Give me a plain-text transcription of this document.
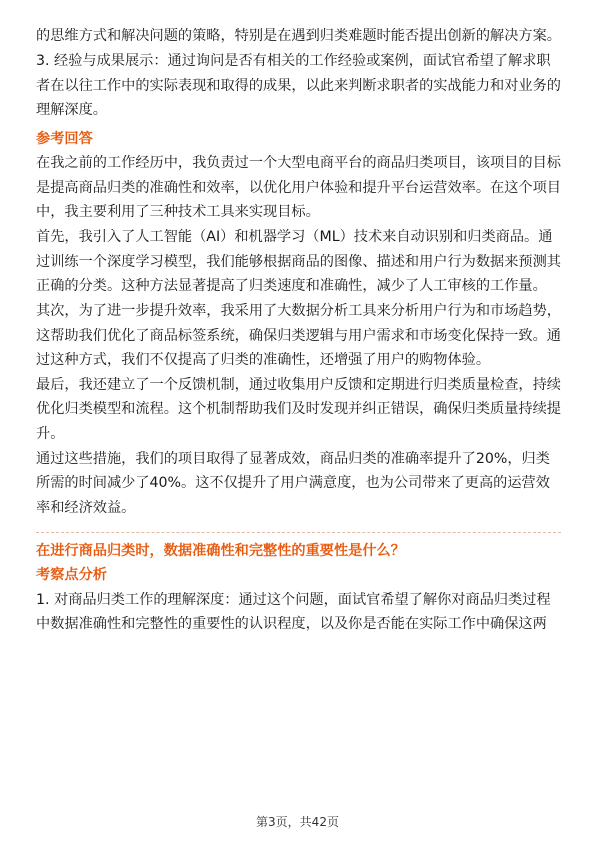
的思维方式和解决问题的策略，特别是在遇到归类难题时能否提出创新的解决方案。

3. 经验与成果展示：通过询问是否有相关的工作经验或案例，面试官希望了解求职者在以往工作中的实际表现和取得的成果，以此来判断求职者的实战能力和对业务的理解深度。

参考回答

在我之前的工作经历中，我负责过一个大型电商平台的商品归类项目，该项目的目标是提高商品归类的准确性和效率，以优化用户体验和提升平台运营效率。在这个项目中，我主要利用了三种技术工具来实现目标。

首先，我引入了人工智能（AI）和机器学习（ML）技术来自动识别和归类商品。通过训练一个深度学习模型，我们能够根据商品的图像、描述和用户行为数据来预测其正确的分类。这种方法显著提高了归类速度和准确性，减少了人工审核的工作量。

其次，为了进一步提升效率，我采用了大数据分析工具来分析用户行为和市场趋势，这帮助我们优化了商品标签系统，确保归类逻辑与用户需求和市场变化保持一致。通过这种方式，我们不仅提高了归类的准确性，还增强了用户的购物体验。

最后，我还建立了一个反馈机制，通过收集用户反馈和定期进行归类质量检查，持续优化归类模型和流程。这个机制帮助我们及时发现并纠正错误，确保归类质量持续提升。

通过这些措施，我们的项目取得了显著成效，商品归类的准确率提升了20%，归类所需的时间减少了40%。这不仅提升了用户满意度，也为公司带来了更高的运营效率和经济效益。

在进行商品归类时，数据准确性和完整性的重要性是什么？

考察点分析

1. 对商品归类工作的理解深度：通过这个问题，面试官希望了解你对商品归类过程中数据准确性和完整性的重要性的认识程度，以及你是否能在实际工作中确保这两

第3页，共42页
